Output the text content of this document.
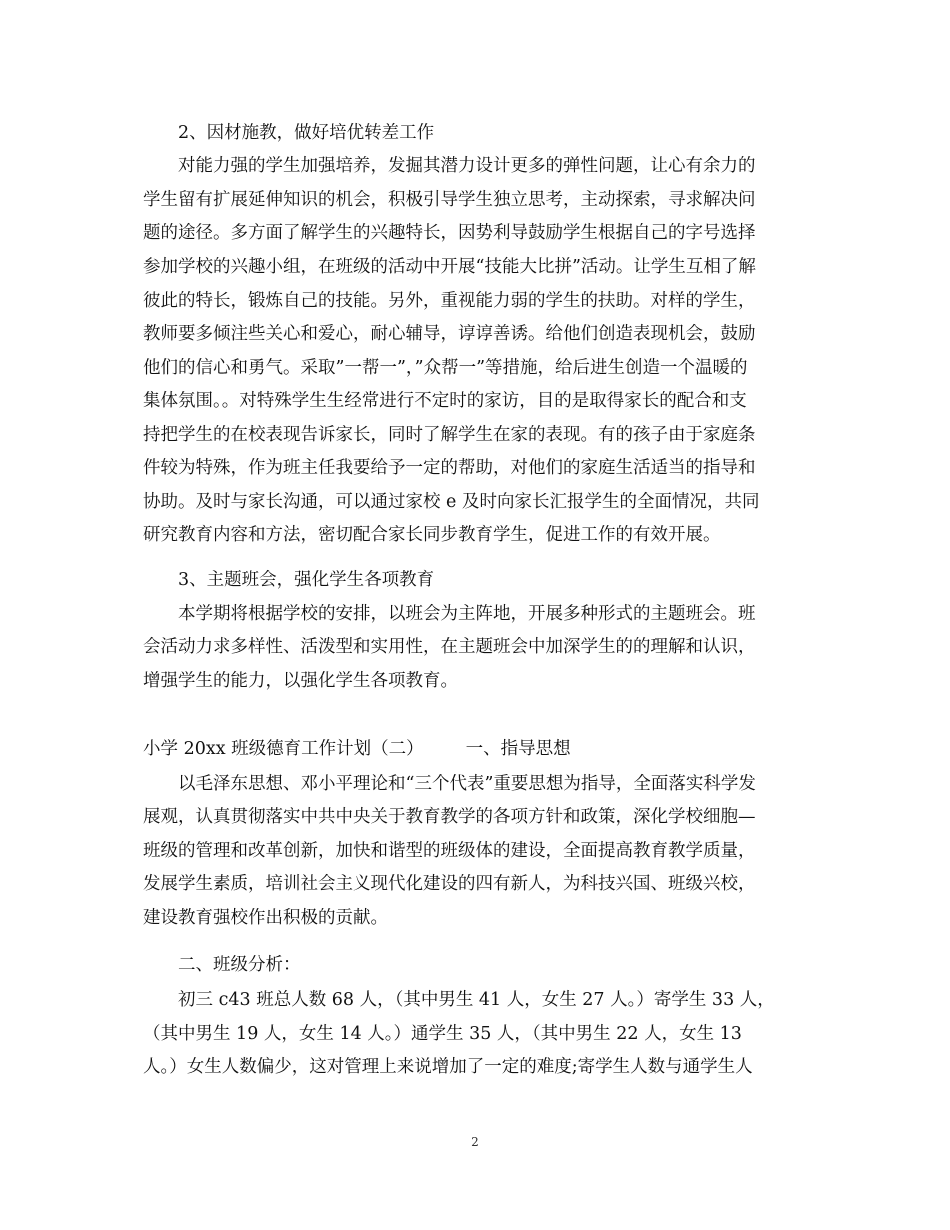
2、因材施教，做好培优转差工作
对能力强的学生加强培养，发掘其潜力设计更多的弹性问题，让心有余力的
学生留有扩展延伸知识的机会，积极引导学生独立思考，主动探索，寻求解决问
题的途径。多方面了解学生的兴趣特长，因势利导鼓励学生根据自己的字号选择
参加学校的兴趣小组，在班级的活动中开展“技能大比拼”活动。让学生互相了解
彼此的特长，锻炼自己的技能。另外，重视能力弱的学生的扶助。对样的学生，
教师要多倾注些关心和爱心，耐心辅导，谆谆善诱。给他们创造表现机会，鼓励
他们的信心和勇气。采取”一帮一”，”众帮一”等措施，给后进生创造一个温暖的
集体氛围。。对特殊学生生经常进行不定时的家访，目的是取得家长的配合和支
持把学生的在校表现告诉家长，同时了解学生在家的表现。有的孩子由于家庭条
件较为特殊，作为班主任我要给予一定的帮助，对他们的家庭生活适当的指导和
协助。及时与家长沟通，可以通过家校 e 及时向家长汇报学生的全面情况，共同
研究教育内容和方法，密切配合家长同步教育学生，促进工作的有效开展。
3、主题班会，强化学生各项教育
本学期将根据学校的安排，以班会为主阵地，开展多种形式的主题班会。班
会活动力求多样性、活泼型和实用性，在主题班会中加深学生的的理解和认识，
增强学生的能力，以强化学生各项教育。
小学 20xx 班级德育工作计划（二） 一、指导思想
以毛泽东思想、邓小平理论和“三个代表”重要思想为指导，全面落实科学发
展观，认真贯彻落实中共中央关于教育教学的各项方针和政策，深化学校细胞—
班级的管理和改革创新，加快和谐型的班级体的建设，全面提高教育教学质量，
发展学生素质，培训社会主义现代化建设的四有新人，为科技兴国、班级兴校，
建设教育强校作出积极的贡献。
二、班级分析：
初三 c43 班总人数 68 人，（其中男生 41 人，女生 27 人。）寄学生 33 人，
（其中男生 19 人，女生 14 人。）通学生 35 人，（其中男生 22 人，女生 13
人。）女生人数偏少，这对管理上来说增加了一定的难度;寄学生人数与通学生人
2
